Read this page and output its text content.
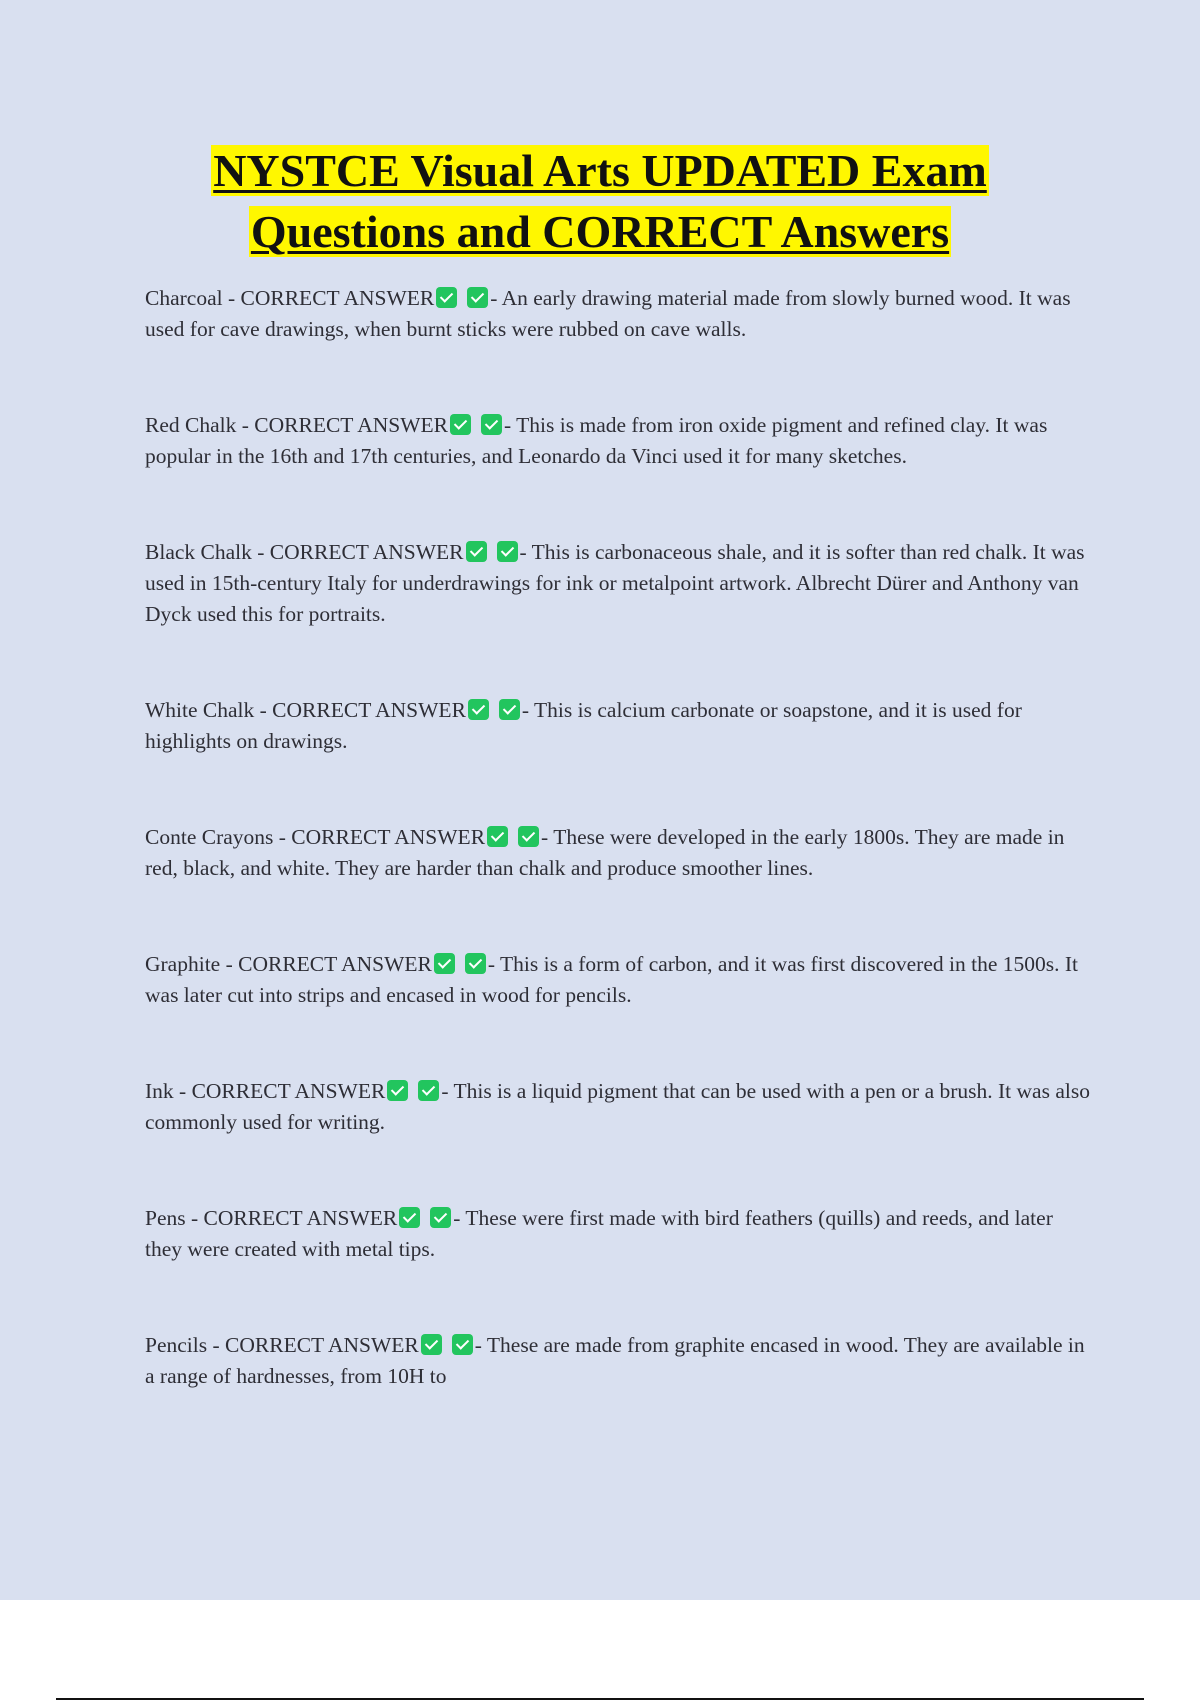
NYSTCE Visual Arts UPDATED Exam
Questions and CORRECT Answers

Charcoal - CORRECT ANSWER	- An early drawing material made from slowly burned wood. It was used for cave drawings, when burnt sticks were rubbed on cave walls.

Red Chalk - CORRECT ANSWER	- This is made from iron oxide pigment and refined clay. It was popular in the 16th and 17th centuries, and Leonardo da Vinci used it for many sketches.

Black Chalk - CORRECT ANSWER	- This is carbonaceous shale, and it is softer than red chalk. It was used in 15th-century Italy for underdrawings for ink or metalpoint artwork. Albrecht Dürer and Anthony van Dyck used this for portraits.

White Chalk - CORRECT ANSWER	- This is calcium carbonate or soapstone, and it is used for highlights on drawings.

Conte Crayons - CORRECT ANSWER	- These were developed in the early 1800s. They are made in red, black, and white. They are harder than chalk and produce smoother lines.

Graphite - CORRECT ANSWER	- This is a form of carbon, and it was first discovered in the 1500s. It was later cut into strips and encased in wood for pencils.

Ink - CORRECT ANSWER	- This is a liquid pigment that can be used with a pen or a brush. It was also commonly used for writing.

Pens - CORRECT ANSWER	- These were first made with bird feathers (quills) and reeds, and later they were created with metal tips.

Pencils - CORRECT ANSWER	- These are made from graphite encased in wood. They are available in a range of hardnesses, from 10H to
